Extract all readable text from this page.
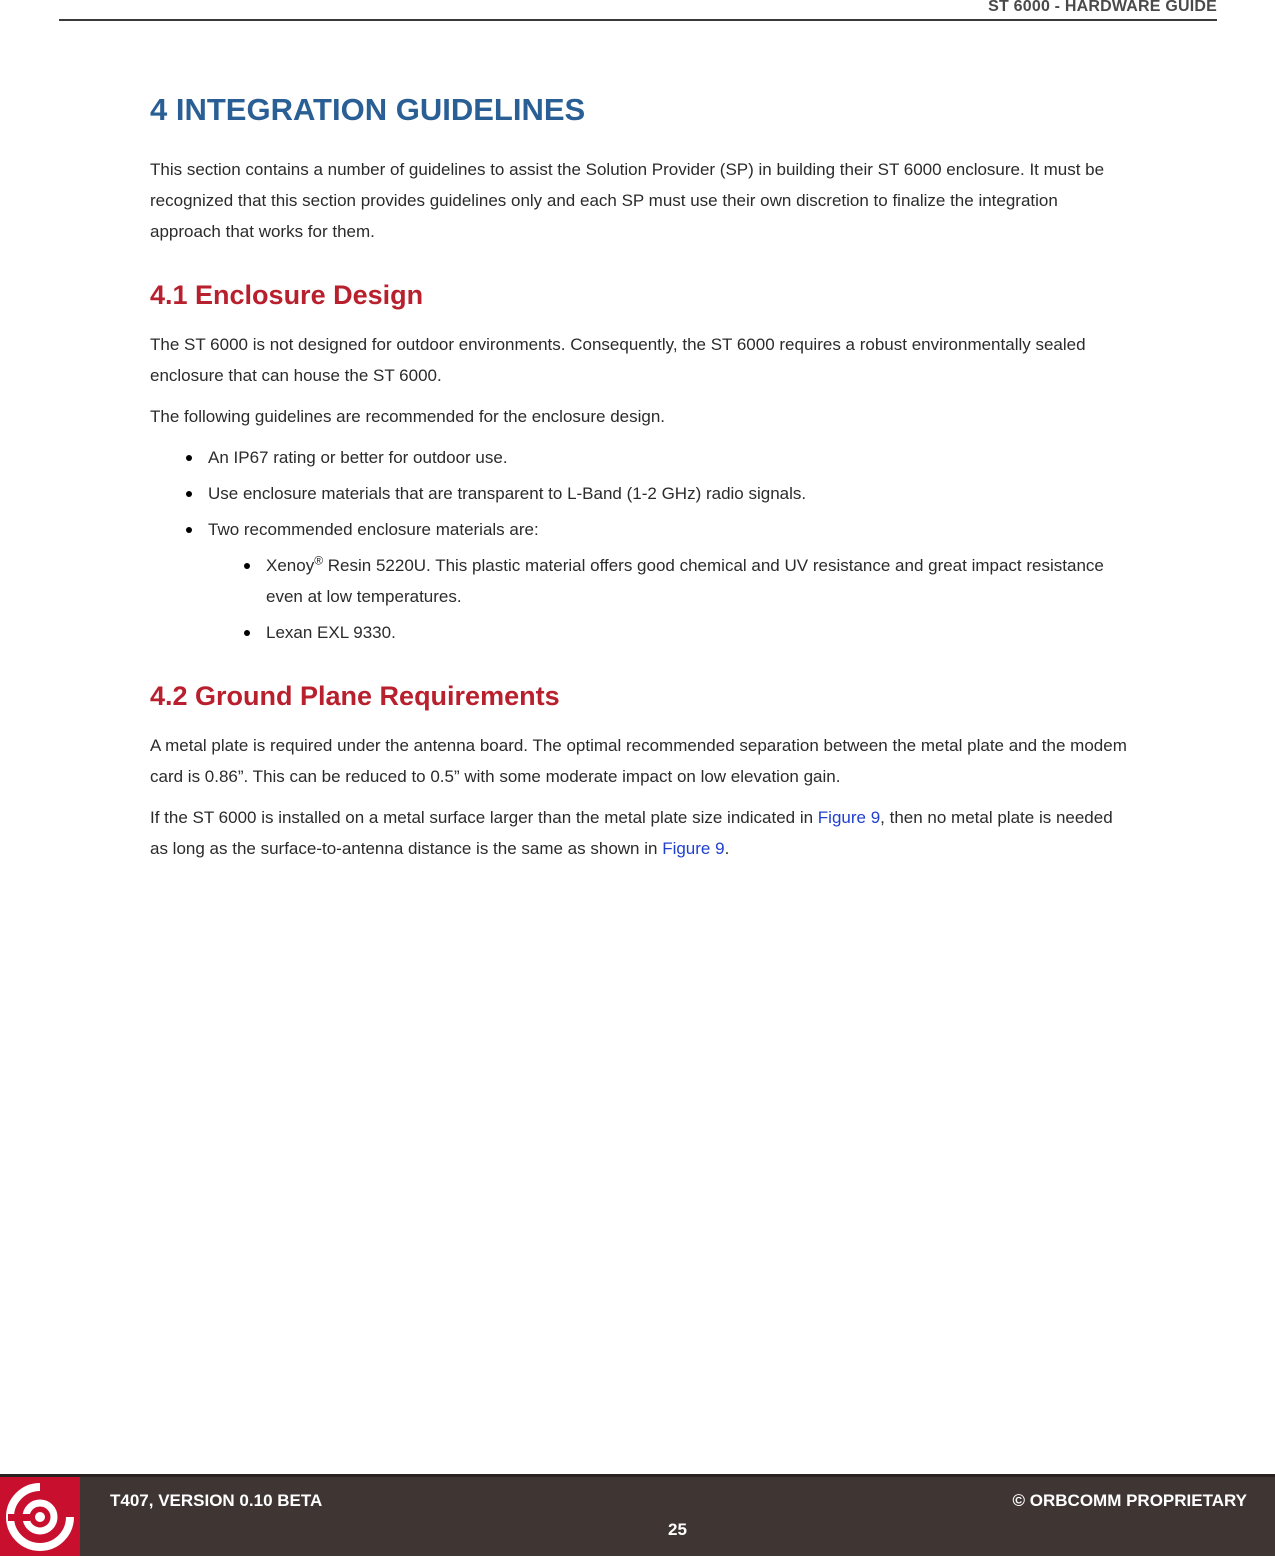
ST 6000 - HARDWARE GUIDE
4 INTEGRATION GUIDELINES

This section contains a number of guidelines to assist the Solution Provider (SP) in building their ST 6000 enclosure. It must be recognized that this section provides guidelines only and each SP must use their own discretion to finalize the integration approach that works for them.

4.1 Enclosure Design

The ST 6000 is not designed for outdoor environments. Consequently, the ST 6000 requires a robust environmentally sealed enclosure that can house the ST 6000.

The following guidelines are recommended for the enclosure design.

An IP67 rating or better for outdoor use.
Use enclosure materials that are transparent to L-Band (1-2 GHz) radio signals.
Two recommended enclosure materials are:
Xenoy® Resin 5220U. This plastic material offers good chemical and UV resistance and great impact resistance even at low temperatures.
Lexan EXL 9330.
4.2 Ground Plane Requirements

A metal plate is required under the antenna board. The optimal recommended separation between the metal plate and the modem card is 0.86”. This can be reduced to 0.5” with some moderate impact on low elevation gain.

If the ST 6000 is installed on a metal surface larger than the metal plate size indicated in Figure 9, then no metal plate is needed as long as the surface-to-antenna distance is the same as shown in Figure 9.

T407, VERSION 0.10 BETA	© ORBCOMM PROPRIETARY
25
